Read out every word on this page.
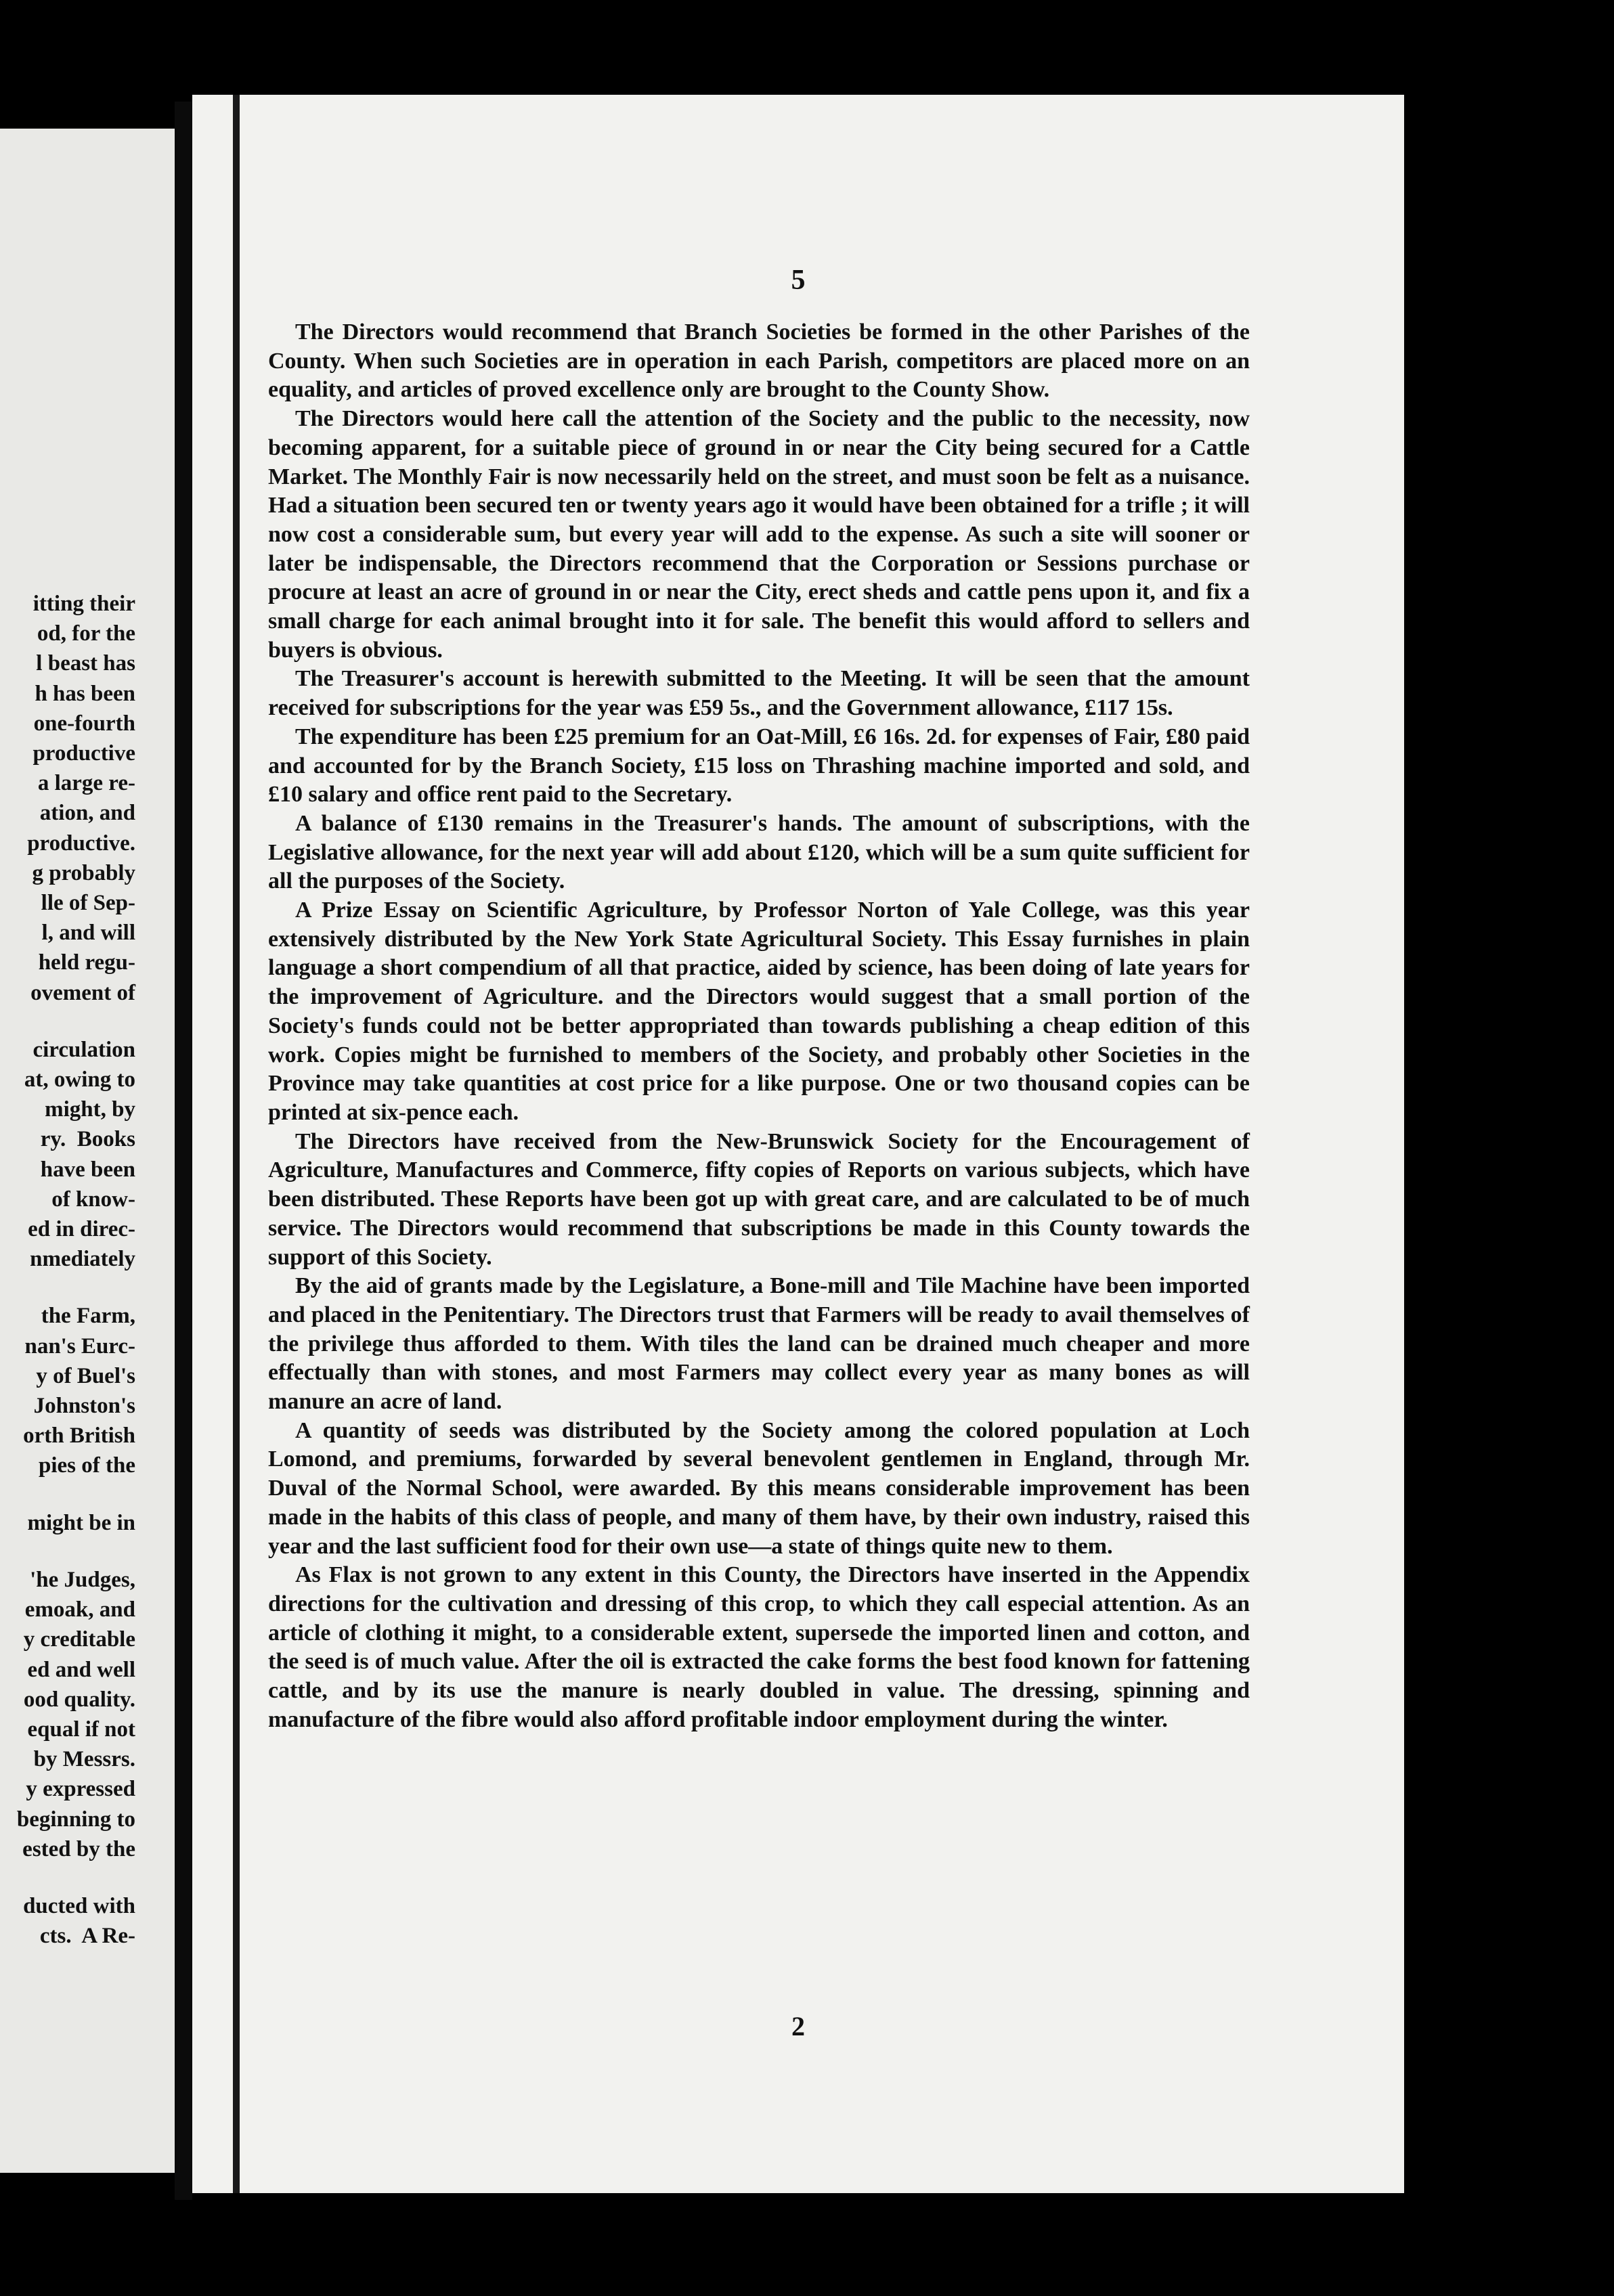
itting their
od, for the
l beast has
h has been
one-fourth
productive
a large re-
ation, and
productive.
g probably
lle of Sep-
l, and will
held regu-
ovement of
circulation
at, owing to
might, by
ry.  Books
have been
of know-
ed in direc-
nmediately
the Farm,
nan's Eurc-
y of Buel's
Johnston's
orth British
pies of the
might be in
'he Judges,
emoak, and
y creditable
ed and well
ood quality.
equal if not
by Messrs.
y expressed
beginning to
ested by the
ducted with
cts.  A Re-
5

The Directors would recommend that Branch Societies be formed in the other Parishes of the County. When such Societies are in operation in each Parish, competitors are placed more on an equality, and articles of proved excellence only are brought to the County Show.

The Directors would here call the attention of the Society and the public to the necessity, now becoming apparent, for a suitable piece of ground in or near the City being secured for a Cattle Market. The Monthly Fair is now necessarily held on the street, and must soon be felt as a nuisance. Had a situation been secured ten or twenty years ago it would have been obtained for a trifle ; it will now cost a considerable sum, but every year will add to the expense. As such a site will sooner or later be indispensable, the Directors recommend that the Corporation or Sessions purchase or procure at least an acre of ground in or near the City, erect sheds and cattle pens upon it, and fix a small charge for each animal brought into it for sale. The benefit this would afford to sellers and buyers is obvious.

The Treasurer's account is herewith submitted to the Meeting. It will be seen that the amount received for subscriptions for the year was £59 5s., and the Government allowance, £117 15s.

The expenditure has been £25 premium for an Oat-Mill, £6 16s. 2d. for expenses of Fair, £80 paid and accounted for by the Branch Society, £15 loss on Thrashing machine imported and sold, and £10 salary and office rent paid to the Secretary.

A balance of £130 remains in the Treasurer's hands. The amount of subscriptions, with the Legislative allowance, for the next year will add about £120, which will be a sum quite sufficient for all the purposes of the Society.

A Prize Essay on Scientific Agriculture, by Professor Norton of Yale College, was this year extensively distributed by the New York State Agricultural Society. This Essay furnishes in plain language a short compendium of all that practice, aided by science, has been doing of late years for the improvement of Agriculture. and the Directors would suggest that a small portion of the Society's funds could not be better appropriated than towards publishing a cheap edition of this work. Copies might be furnished to members of the Society, and probably other Societies in the Province may take quantities at cost price for a like purpose. One or two thousand copies can be printed at six-pence each.

The Directors have received from the New-Brunswick Society for the Encouragement of Agriculture, Manufactures and Commerce, fifty copies of Reports on various subjects, which have been distributed. These Reports have been got up with great care, and are calculated to be of much service. The Directors would recommend that subscriptions be made in this County towards the support of this Society.

By the aid of grants made by the Legislature, a Bone-mill and Tile Machine have been imported and placed in the Penitentiary. The Directors trust that Farmers will be ready to avail themselves of the privilege thus afforded to them. With tiles the land can be drained much cheaper and more effectually than with stones, and most Farmers may collect every year as many bones as will manure an acre of land.

A quantity of seeds was distributed by the Society among the colored population at Loch Lomond, and premiums, forwarded by several benevolent gentlemen in England, through Mr. Duval of the Normal School, were awarded. By this means considerable improvement has been made in the habits of this class of people, and many of them have, by their own industry, raised this year and the last sufficient food for their own use—a state of things quite new to them.

As Flax is not grown to any extent in this County, the Directors have inserted in the Appendix directions for the cultivation and dressing of this crop, to which they call especial attention. As an article of clothing it might, to a considerable extent, supersede the imported linen and cotton, and the seed is of much value. After the oil is extracted the cake forms the best food known for fattening cattle, and by its use the manure is nearly doubled in value. The dressing, spinning and manufacture of the fibre would also afford profitable indoor employment during the winter.

2
